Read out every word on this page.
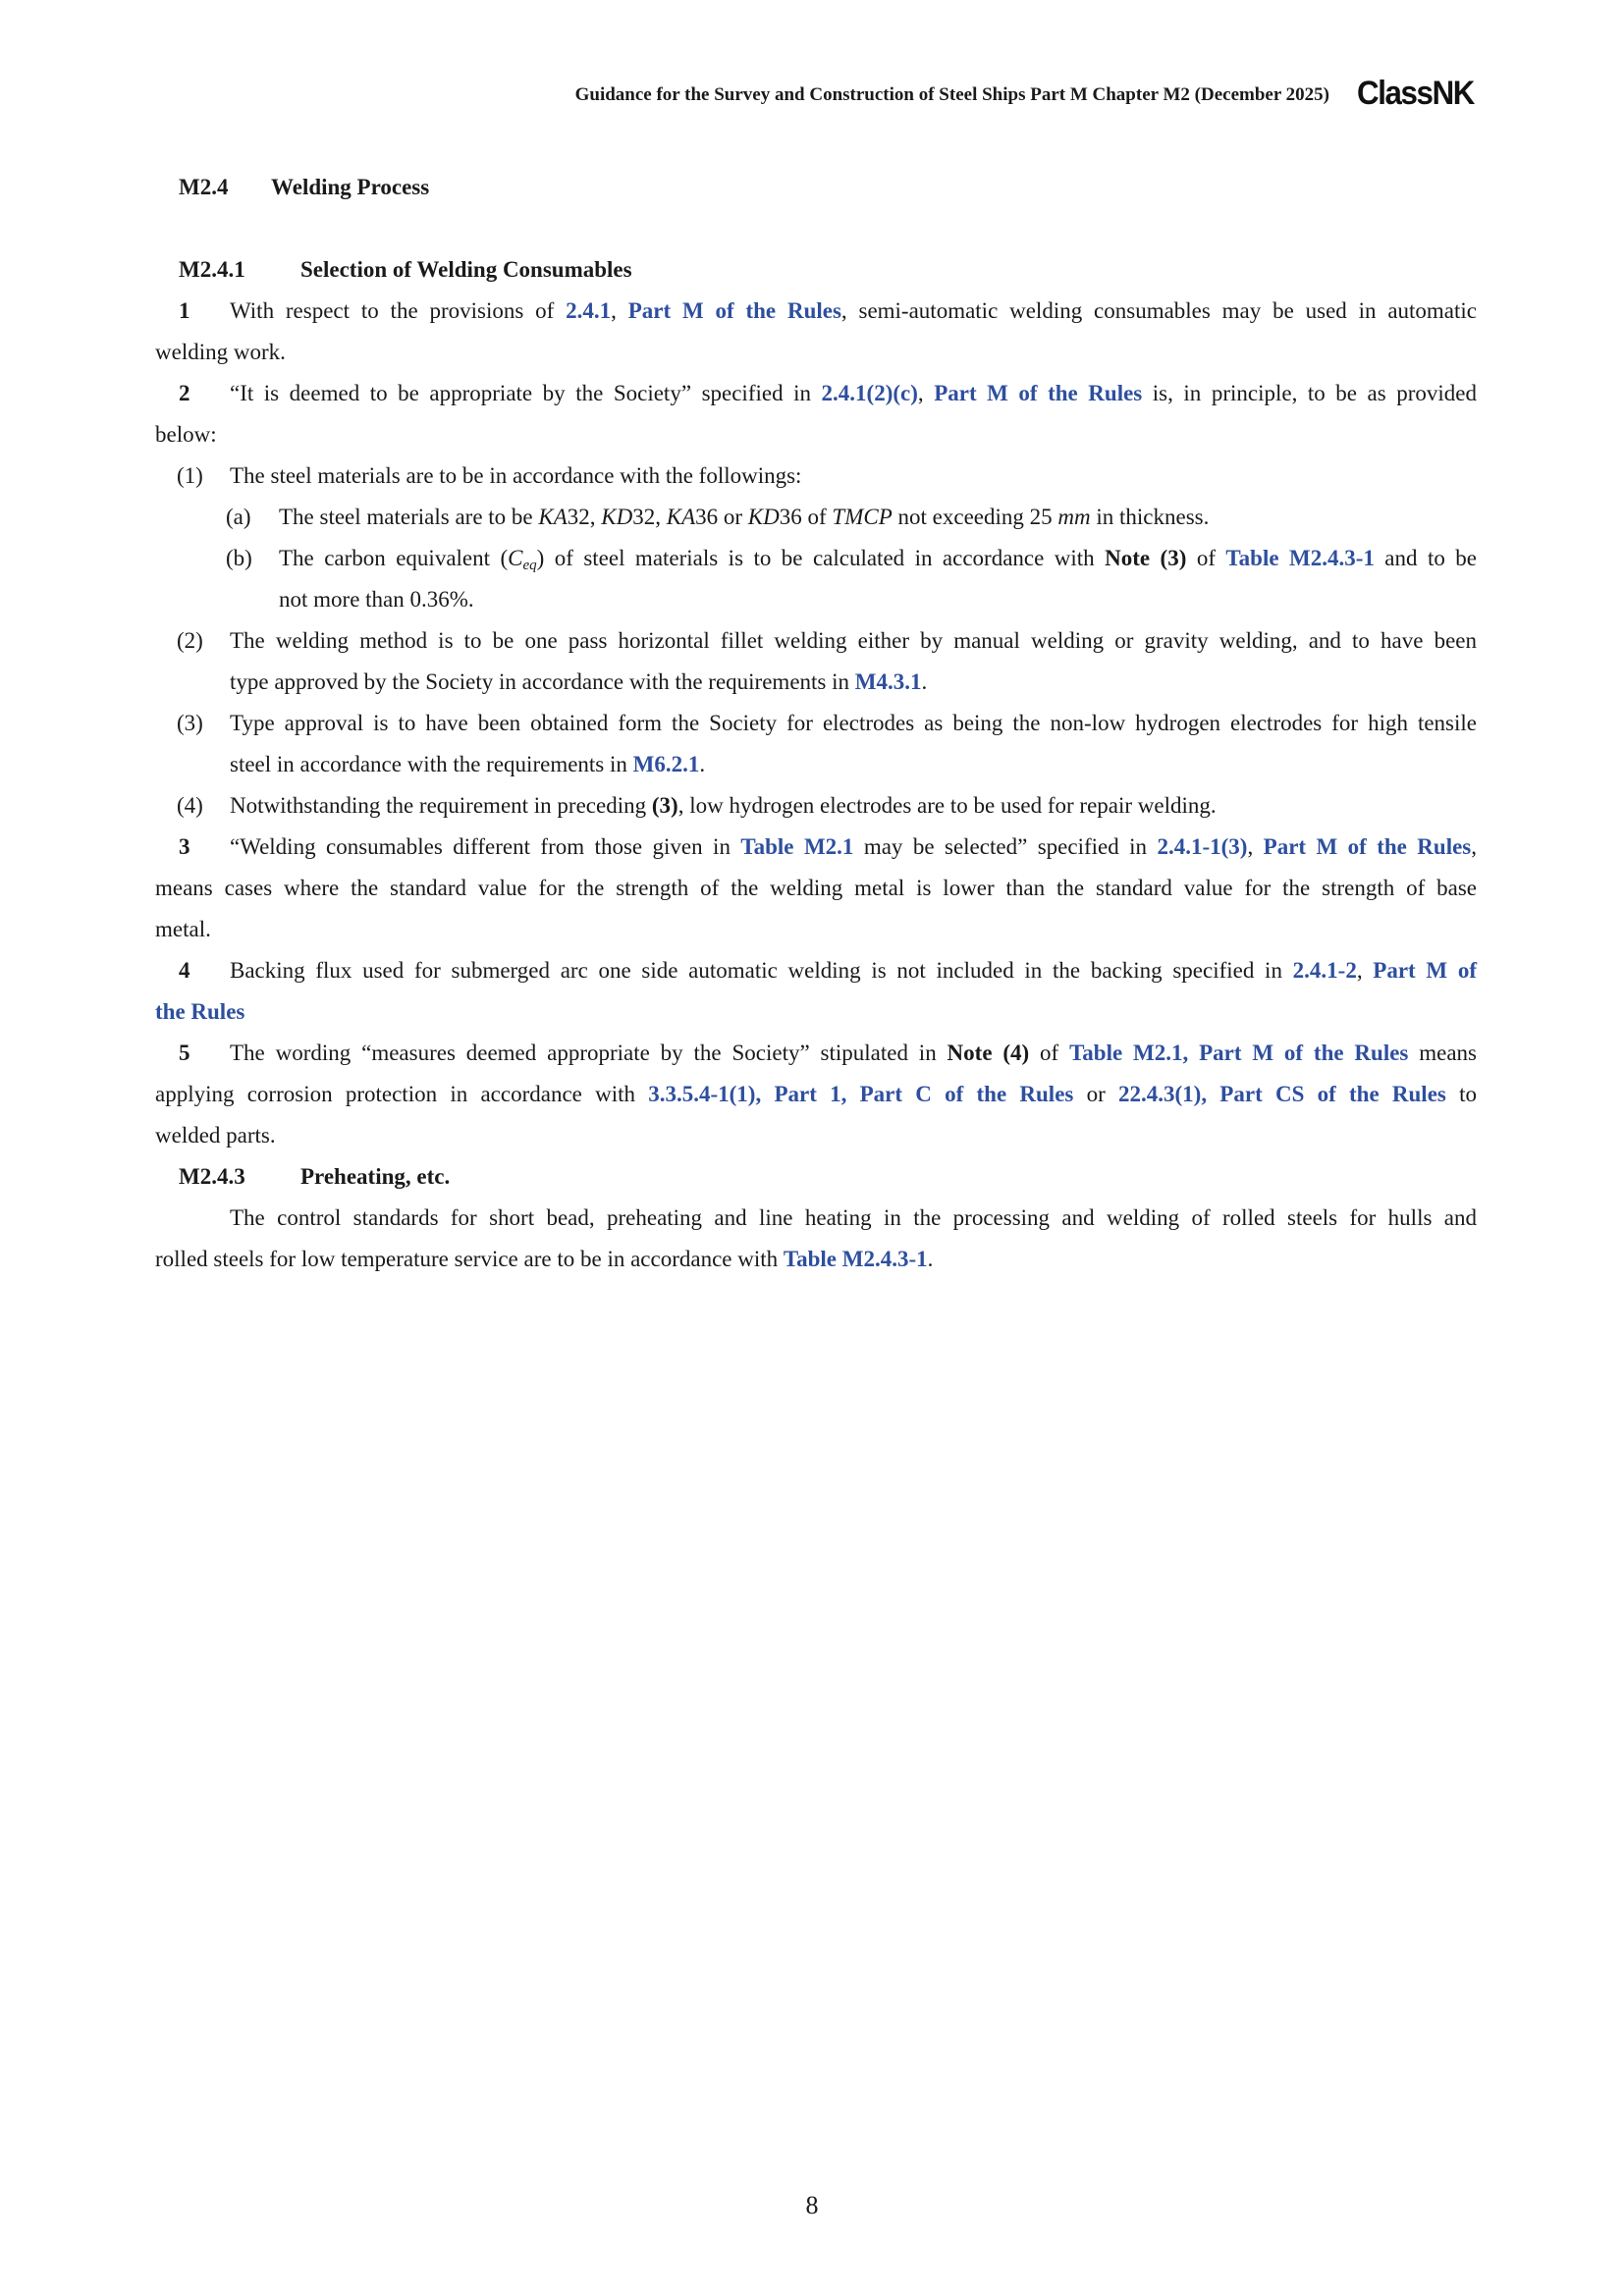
Guidance for the Survey and Construction of Steel Ships Part M Chapter M2 (December 2025) ClassNK
M2.4 Welding Process
M2.4.1 Selection of Welding Consumables
1 With respect to the provisions of 2.4.1, Part M of the Rules, semi-automatic welding consumables may be used in automatic
welding work.
2 “It is deemed to be appropriate by the Society” specified in 2.4.1(2)(c), Part M of the Rules is, in principle, to be as provided
below:
(1) The steel materials are to be in accordance with the followings:
(a) The steel materials are to be KA32, KD32, KA36 or KD36 of TMCP not exceeding 25 mm in thickness.
(b) The carbon equivalent $(C_{eq})$ of steel materials is to be calculated in accordance with Note (3) of Table M2.4.3-1 and to be
not more than 0.36%.
(2) The welding method is to be one pass horizontal fillet welding either by manual welding or gravity welding, and to have been
type approved by the Society in accordance with the requirements in M4.3.1.
(3) Type approval is to have been obtained form the Society for electrodes as being the non-low hydrogen electrodes for high tensile
steel in accordance with the requirements in M6.2.1.
(4) Notwithstanding the requirement in preceding (3), low hydrogen electrodes are to be used for repair welding.
3 “Welding consumables different from those given in Table M2.1 may be selected” specified in 2.4.1-1(3), Part M of the Rules,
means cases where the standard value for the strength of the welding metal is lower than the standard value for the strength of base
metal.
4 Backing flux used for submerged arc one side automatic welding is not included in the backing specified in 2.4.1-2, Part M of
the Rules
5 The wording “measures deemed appropriate by the Society” stipulated in Note (4) of Table M2.1, Part M of the Rules means
applying corrosion protection in accordance with 3.3.5.4-1(1), Part 1, Part C of the Rules or 22.4.3(1), Part CS of the Rules to
welded parts.
M2.4.3 Preheating, etc.
The control standards for short bead, preheating and line heating in the processing and welding of rolled steels for hulls and
rolled steels for low temperature service are to be in accordance with Table M2.4.3-1.
8
